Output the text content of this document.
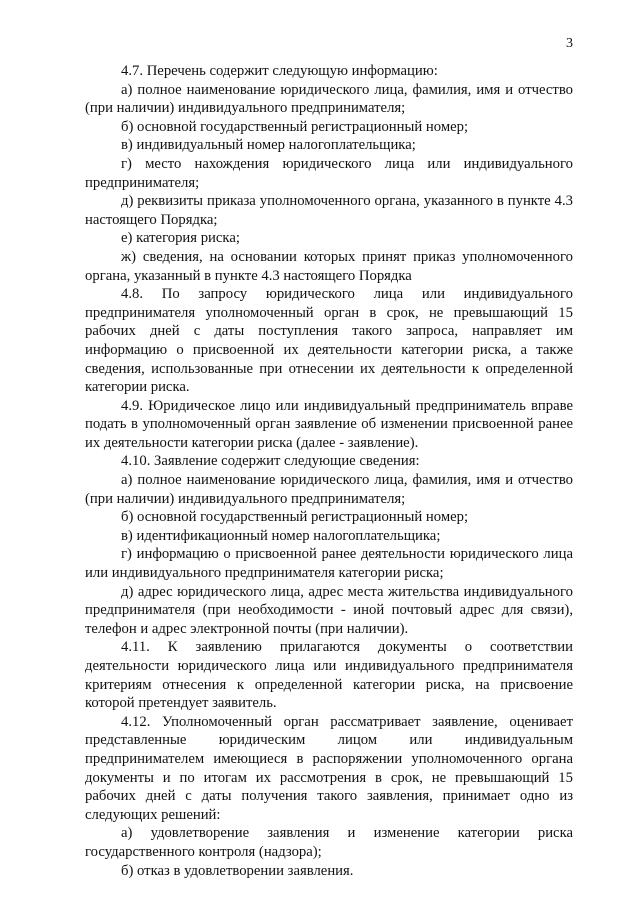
3

4.7. Перечень содержит следующую информацию:

а) полное наименование юридического лица, фамилия, имя и отчество (при наличии) индивидуального предпринимателя;

б) основной государственный регистрационный номер;

в) индивидуальный номер налогоплательщика;

г) место нахождения юридического лица или индивидуального предпринимателя;

д) реквизиты приказа уполномоченного органа, указанного в пункте 4.3 настоящего Порядка;

е) категория риска;

ж) сведения, на основании которых принят приказ уполномоченного органа, указанный в пункте 4.3 настоящего Порядка

4.8. По запросу юридического лица или индивидуального предпринимателя уполномоченный орган в срок, не превышающий 15 рабочих дней с даты поступления такого запроса, направляет им информацию о присвоенной их деятельности категории риска, а также сведения, использованные при отнесении их деятельности к определенной категории риска.

4.9. Юридическое лицо или индивидуальный предприниматель вправе подать в уполномоченный орган заявление об изменении присвоенной ранее их деятельности категории риска (далее - заявление).

4.10. Заявление содержит следующие сведения:

а) полное наименование юридического лица, фамилия, имя и отчество (при наличии) индивидуального предпринимателя;

б) основной государственный регистрационный номер;

в) идентификационный номер налогоплательщика;

г) информацию о присвоенной ранее деятельности юридического лица или индивидуального предпринимателя категории риска;

д) адрес юридического лица, адрес места жительства индивидуального предпринимателя (при необходимости - иной почтовый адрес для связи), телефон и адрес электронной почты (при наличии).

4.11. К заявлению прилагаются документы о соответствии деятельности юридического лица или индивидуального предпринимателя критериям отнесения к определенной категории риска, на присвоение которой претендует заявитель.

4.12. Уполномоченный орган рассматривает заявление, оценивает представленные юридическим лицом или индивидуальным предпринимателем имеющиеся в распоряжении уполномоченного органа документы и по итогам их рассмотрения в срок, не превышающий 15 рабочих дней с даты получения такого заявления, принимает одно из следующих решений:

а) удовлетворение заявления и изменение категории риска государственного контроля (надзора);

б) отказ в удовлетворении заявления.
